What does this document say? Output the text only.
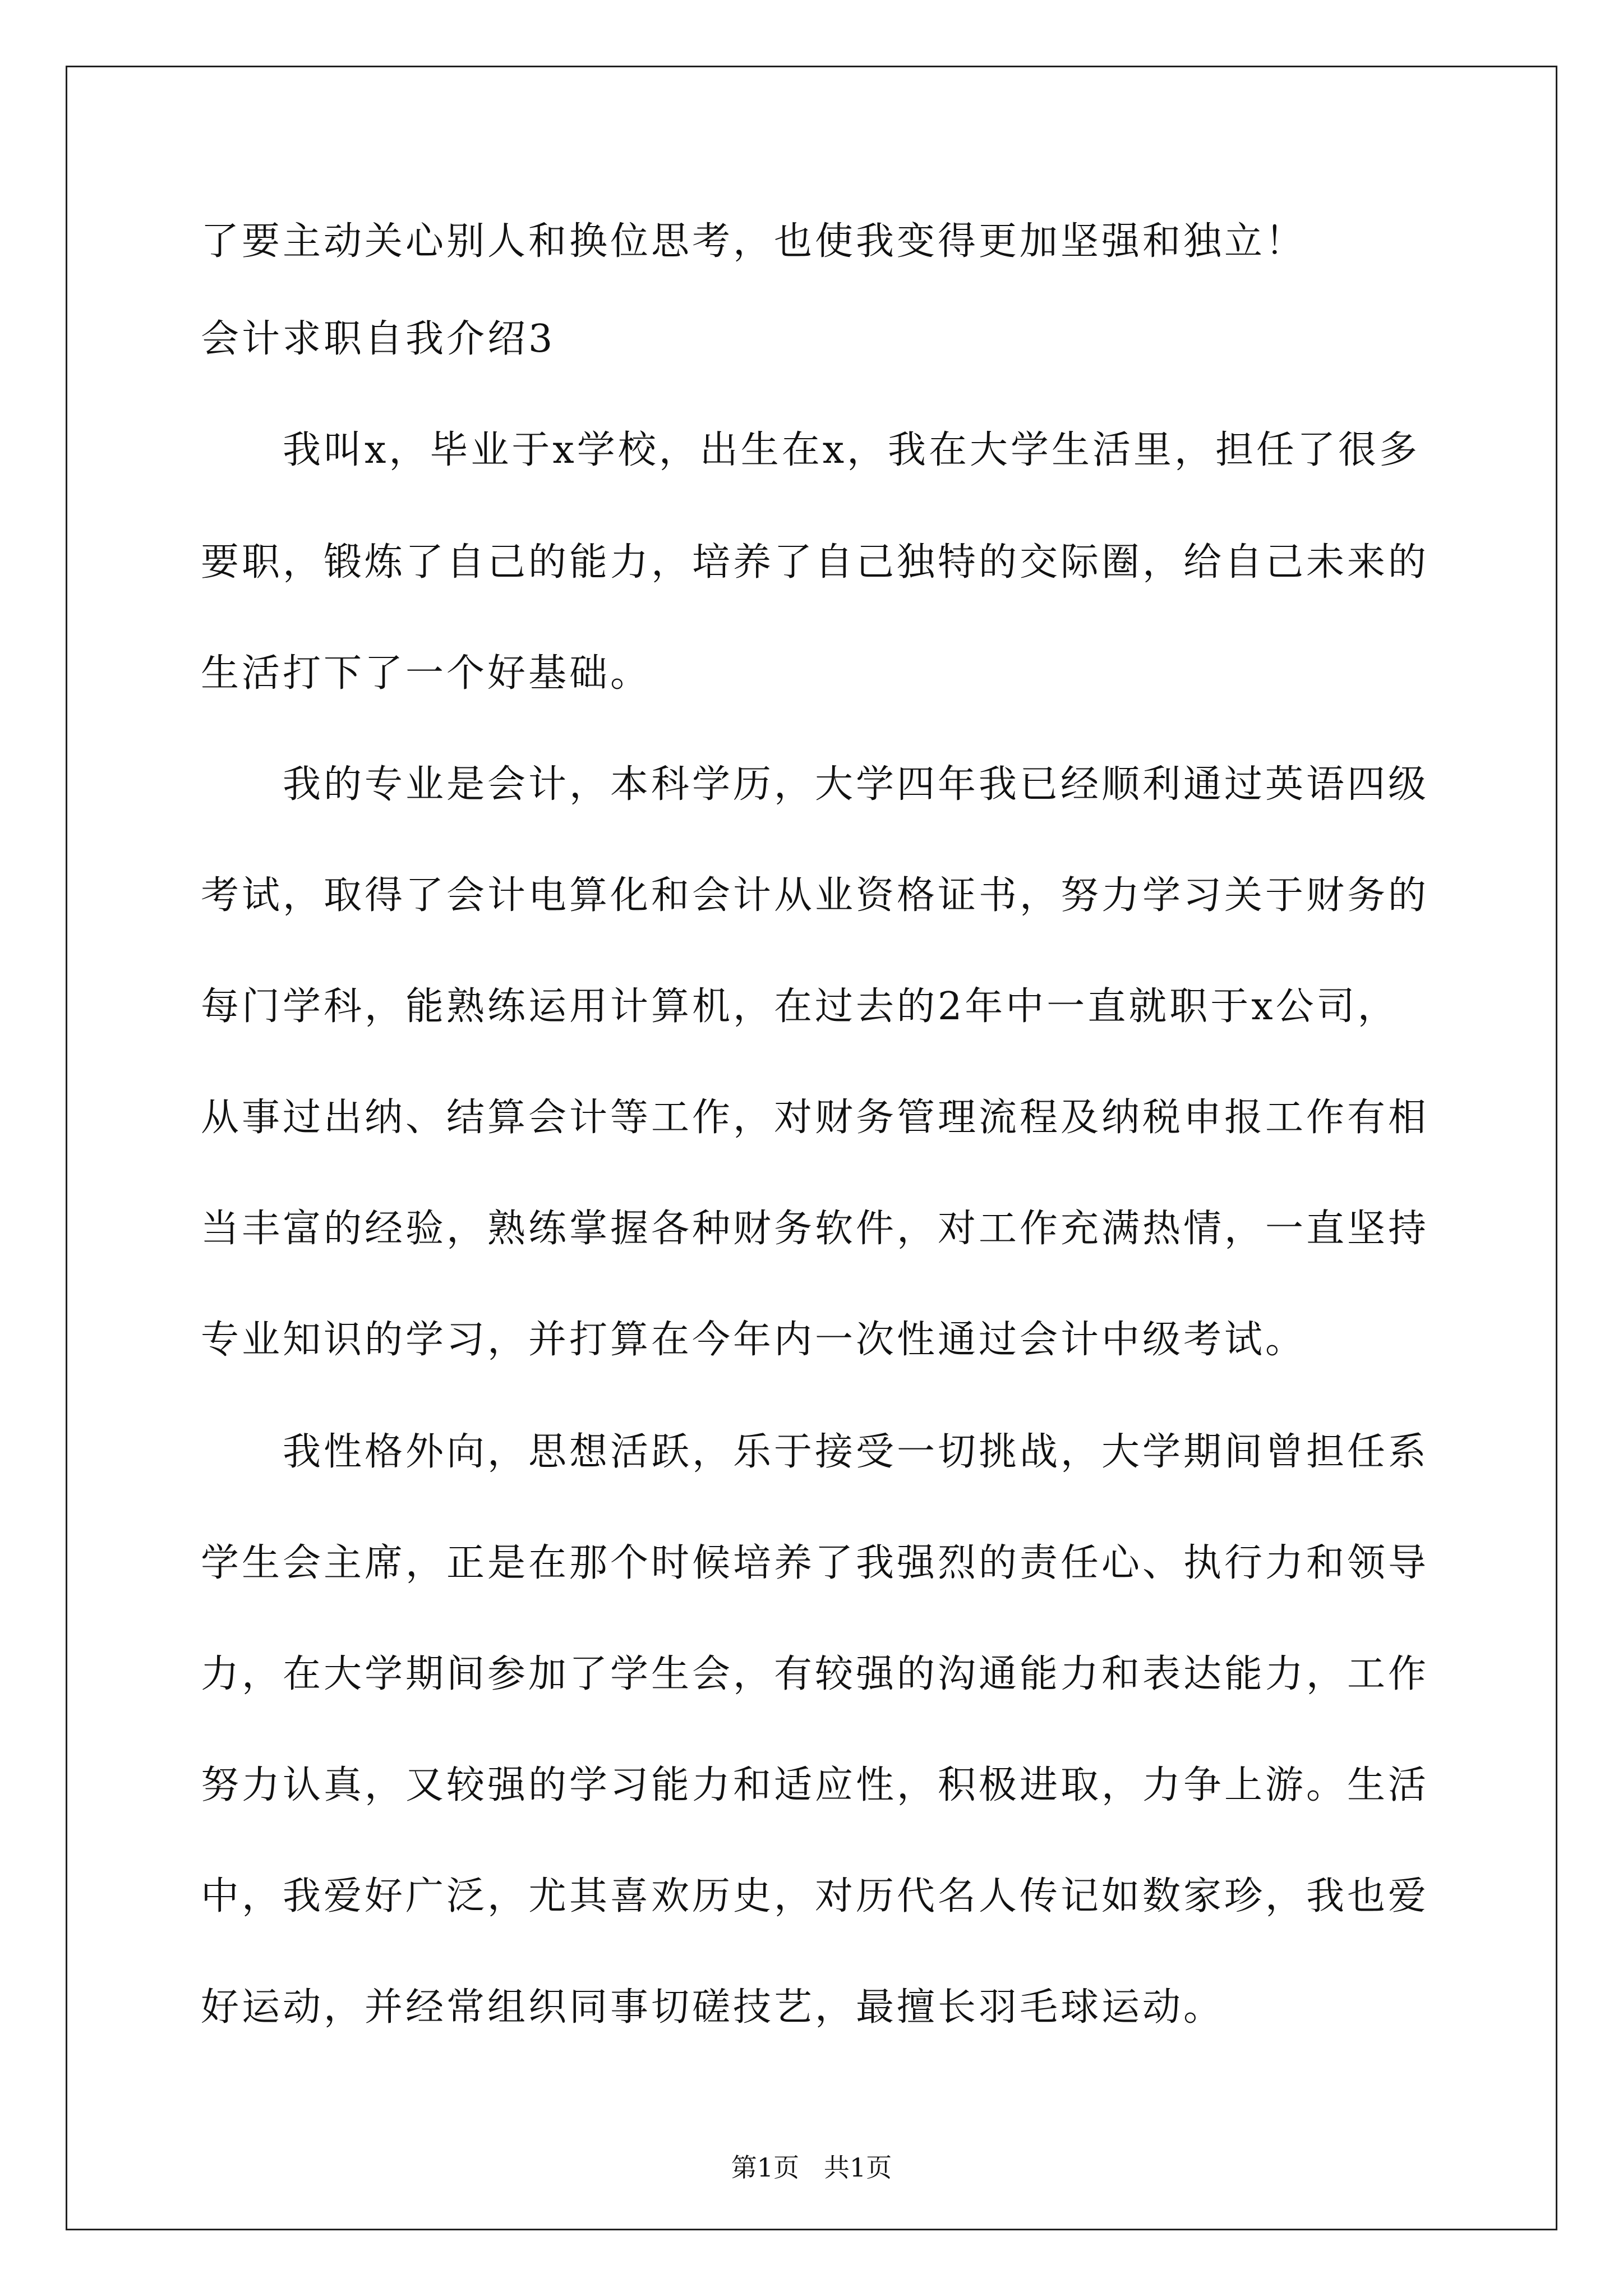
了要主动关心别人和换位思考，也使我变得更加坚强和独立！
会计求职自我介绍3
我叫x，毕业于x学校，出生在x，我在大学生活里，担任了很多
要职，锻炼了自己的能力，培养了自己独特的交际圈，给自己未来的
生活打下了一个好基础。
我的专业是会计，本科学历，大学四年我已经顺利通过英语四级
考试，取得了会计电算化和会计从业资格证书，努力学习关于财务的
每门学科，能熟练运用计算机，在过去的2年中一直就职于x公司，
从事过出纳、结算会计等工作，对财务管理流程及纳税申报工作有相
当丰富的经验，熟练掌握各种财务软件，对工作充满热情，一直坚持
专业知识的学习，并打算在今年内一次性通过会计中级考试。
我性格外向，思想活跃，乐于接受一切挑战，大学期间曾担任系
学生会主席，正是在那个时候培养了我强烈的责任心、执行力和领导
力，在大学期间参加了学生会，有较强的沟通能力和表达能力，工作
努力认真，又较强的学习能力和适应性，积极进取，力争上游。生活
中，我爱好广泛，尤其喜欢历史，对历代名人传记如数家珍，我也爱
好运动，并经常组织同事切磋技艺，最擅长羽毛球运动。
第1页   共1页
